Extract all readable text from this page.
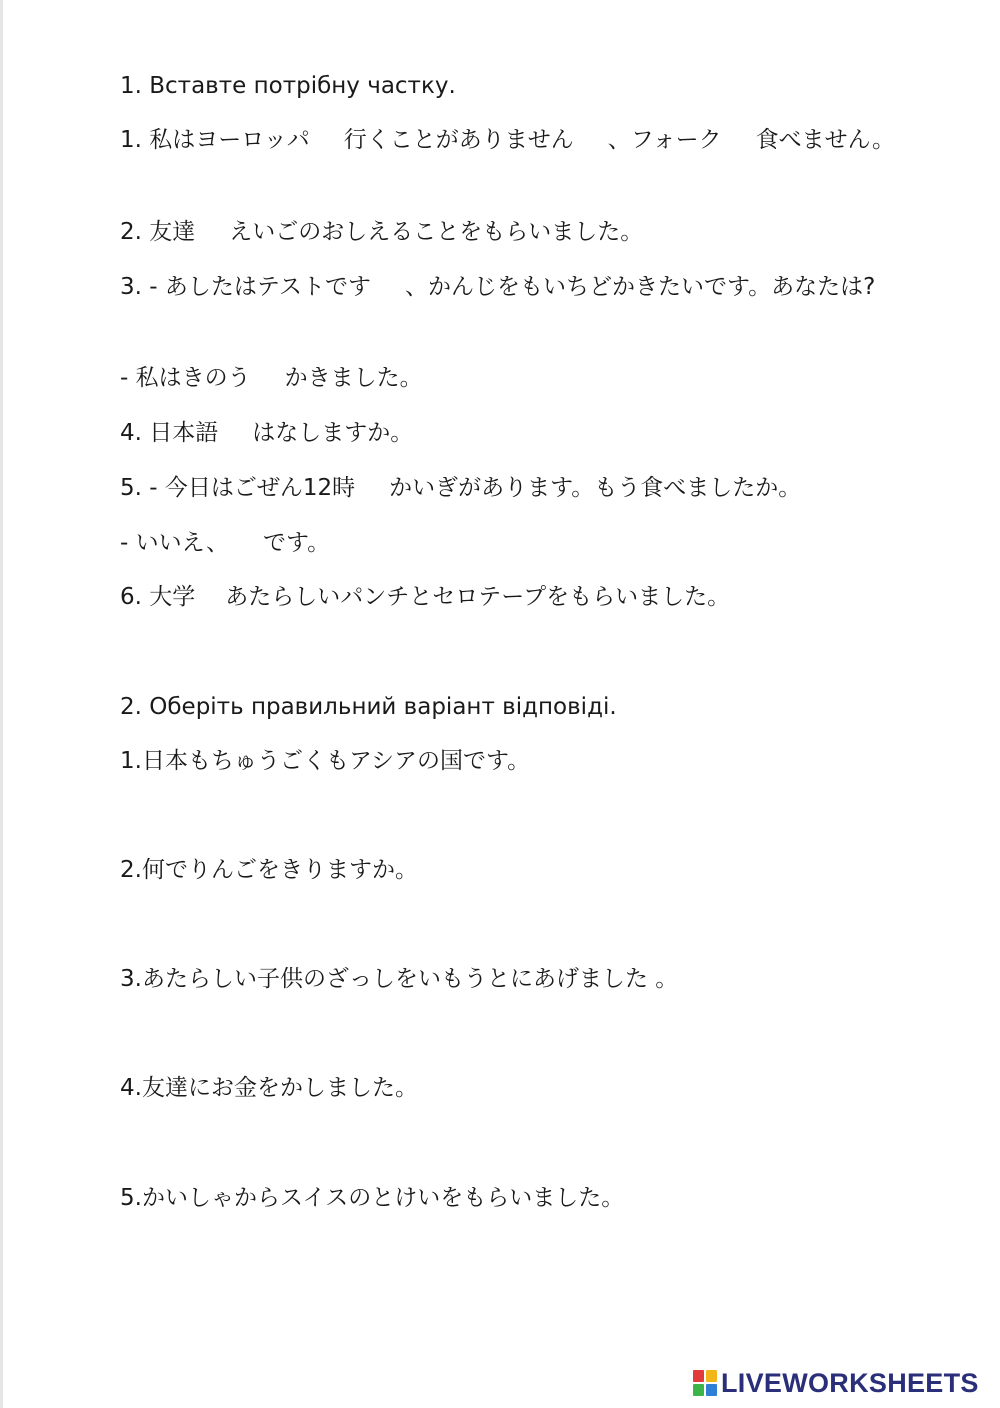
1. Вставте потрібну частку.
1. 私はヨーロッパ 行くことがありません 、フォーク 食べません。
2. 友達 えいごのおしえることをもらいました。
3. - あしたはテストです 、かんじをもいちどかきたいです。あなたは?
- 私はきのう かきました。
4. 日本語 はなしますか。
5. - 今日はごぜん12時 かいぎがあります。もう食べましたか。
- いいえ、 です。
6. 大学 あたらしいパンチとセロテープをもらいました。
2. Оберіть правильний варіант відповіді.
1.日本もちゅうごくもアシアの国です。
2.何でりんごをきりますか。
3.あたらしい子供のざっしをいもうとにあげました 。
4.友達にお金をかしました。
5.かいしゃからスイスのとけいをもらいました。
LIVEWORKSHEETS
